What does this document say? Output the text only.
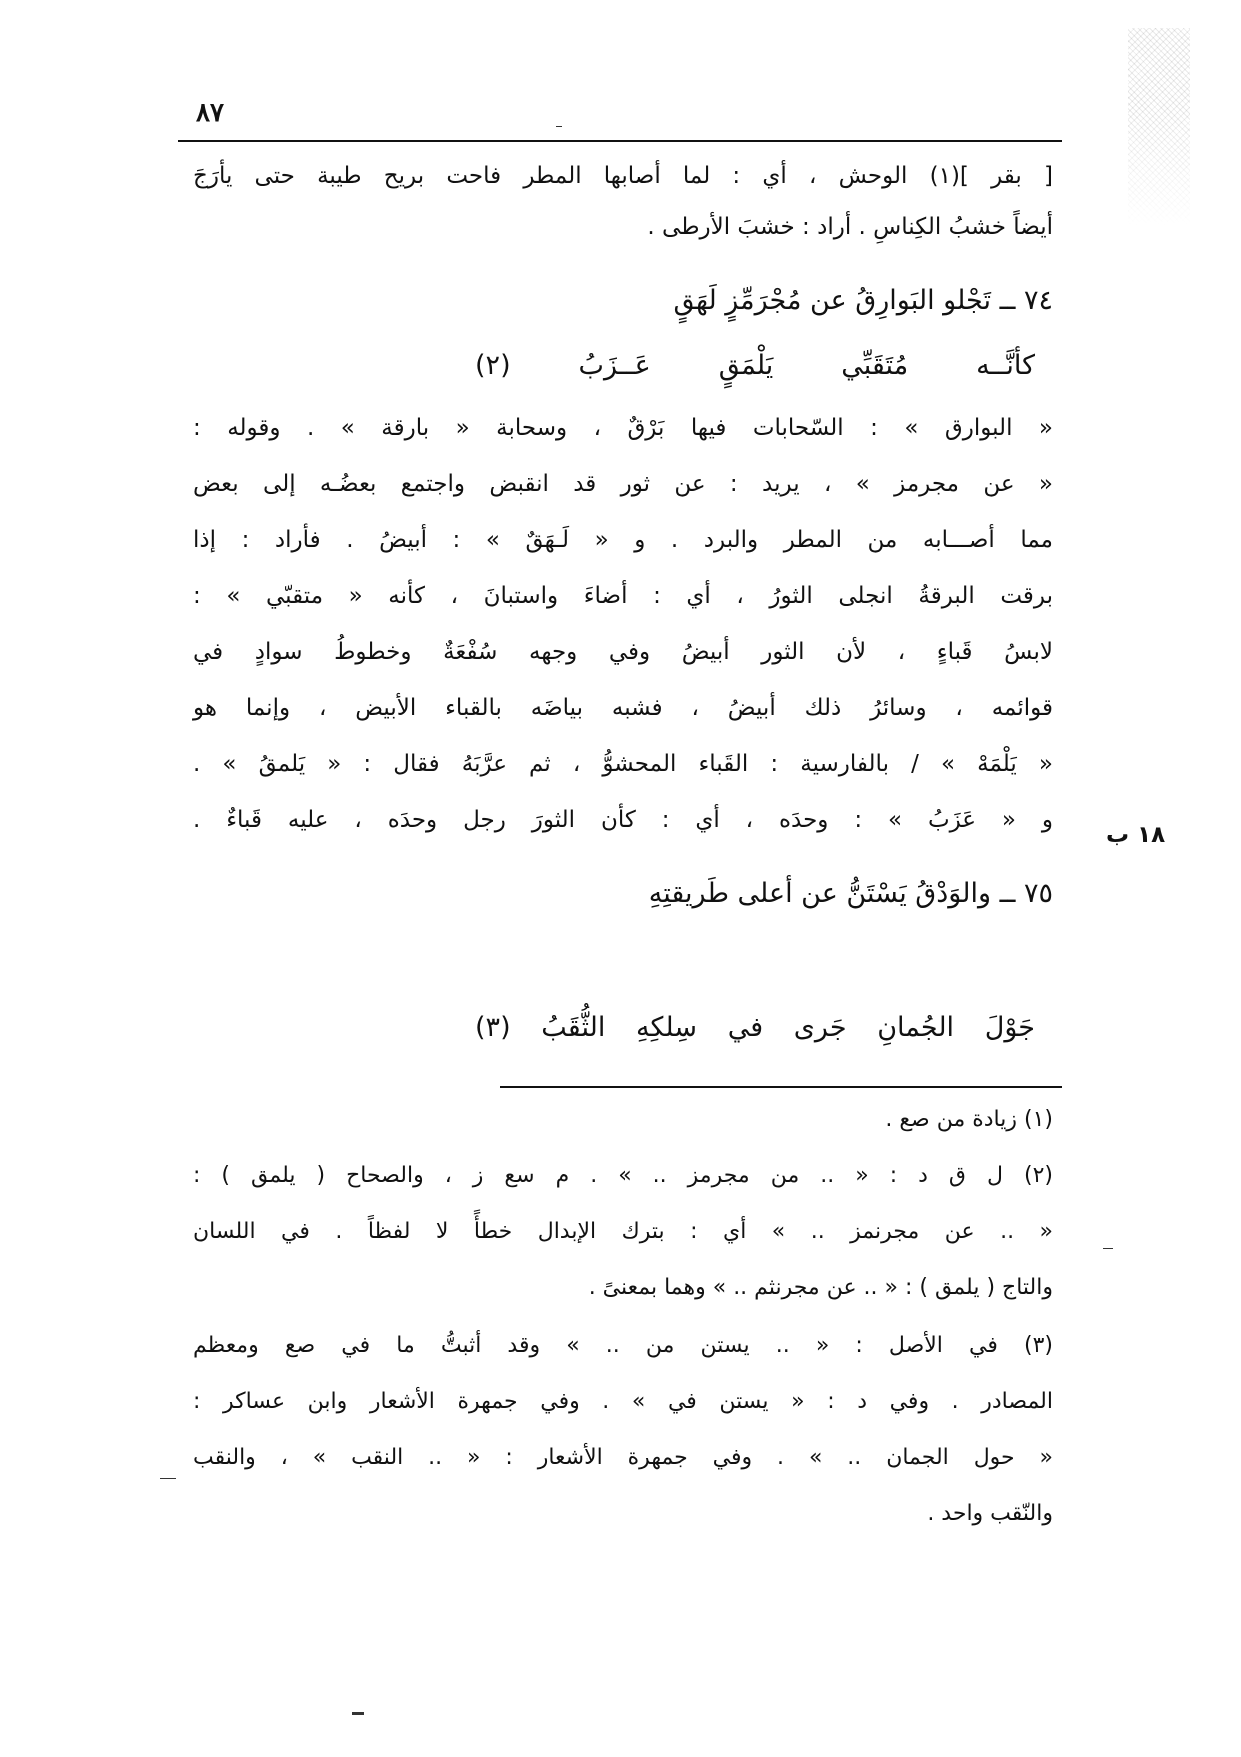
٨٧
[ بقر ](١) الوحش ، أي : لما أصابها المطر فاحت بريح طيبة حتى يأرَجَ
أيضاً خشبُ الكِناسِ . أراد : خشبَ الأرطى .
٧٤ ــ تَجْلو البَوارِقُ عن مُجْرَمِّزٍ لَهَقٍ
كأنَّــه مُتَقَبِّي يَلْمَقٍ عَــزَبُ (٢)
« البوارق » : السّحابات فيها بَرْقٌ ، وسحابة « بارقة » . وقوله :
« عن مجرمز » ، يريد : عن ثور قد انقبض واجتمع بعضُـه إلى بعض
مما أصـــابه من المطر والبرد . و « لَـهَقٌ » : أبيضُ . فأراد : إذا
برقت البرقةُ انجلى الثورُ ، أي : أضاءَ واستبانَ ، كأنه « متقبّي » :
لابسُ قَباءٍ ، لأن الثور أبيضُ وفي وجهه سُفْعَةٌ وخطوطُ سوادٍ في
قوائمه ، وسائرُ ذلك أبيضُ ، فشبه بياضَه بالقباء الأبيض ، وإنما هو
« يَلْمَهْ » / بالفارسية : القَباء المحشوُّ ، ثم عرَّبَهُ فقال : « يَلمقُ » .
و « عَزَبُ » : وحدَه ، أي : كأن الثورَ رجل وحدَه ، عليه قَباءٌ .
١٨ ب
٧٥ ــ والوَدْقُ يَسْتَنُّ عن أعلى طَريقتِهِ
جَوْلَ الجُمانِ جَرى في سِلكِهِ الثُّقَبُ (٣)
(١) زيادة من صع .
(٢) ل ق د : « .. من مجرمز .. » . م سع ز ، والصحاح ( يلمق ) :
« .. عن مجرنمز .. » أي : بترك الإبدال خطأً لا لفظاً . في اللسان
والتاج ( يلمق ) : « .. عن مجرنثم .. » وهما بمعنىً .
(٣) في الأصل : « .. يستن من .. » وقد أثبتُّ ما في صع ومعظم
المصادر . وفي د : « يستن في » . وفي جمهرة الأشعار وابن عساكر :
« حول الجمان .. » . وفي جمهرة الأشعار : « .. النقب » ، والنقب
والنّقب واحد .
